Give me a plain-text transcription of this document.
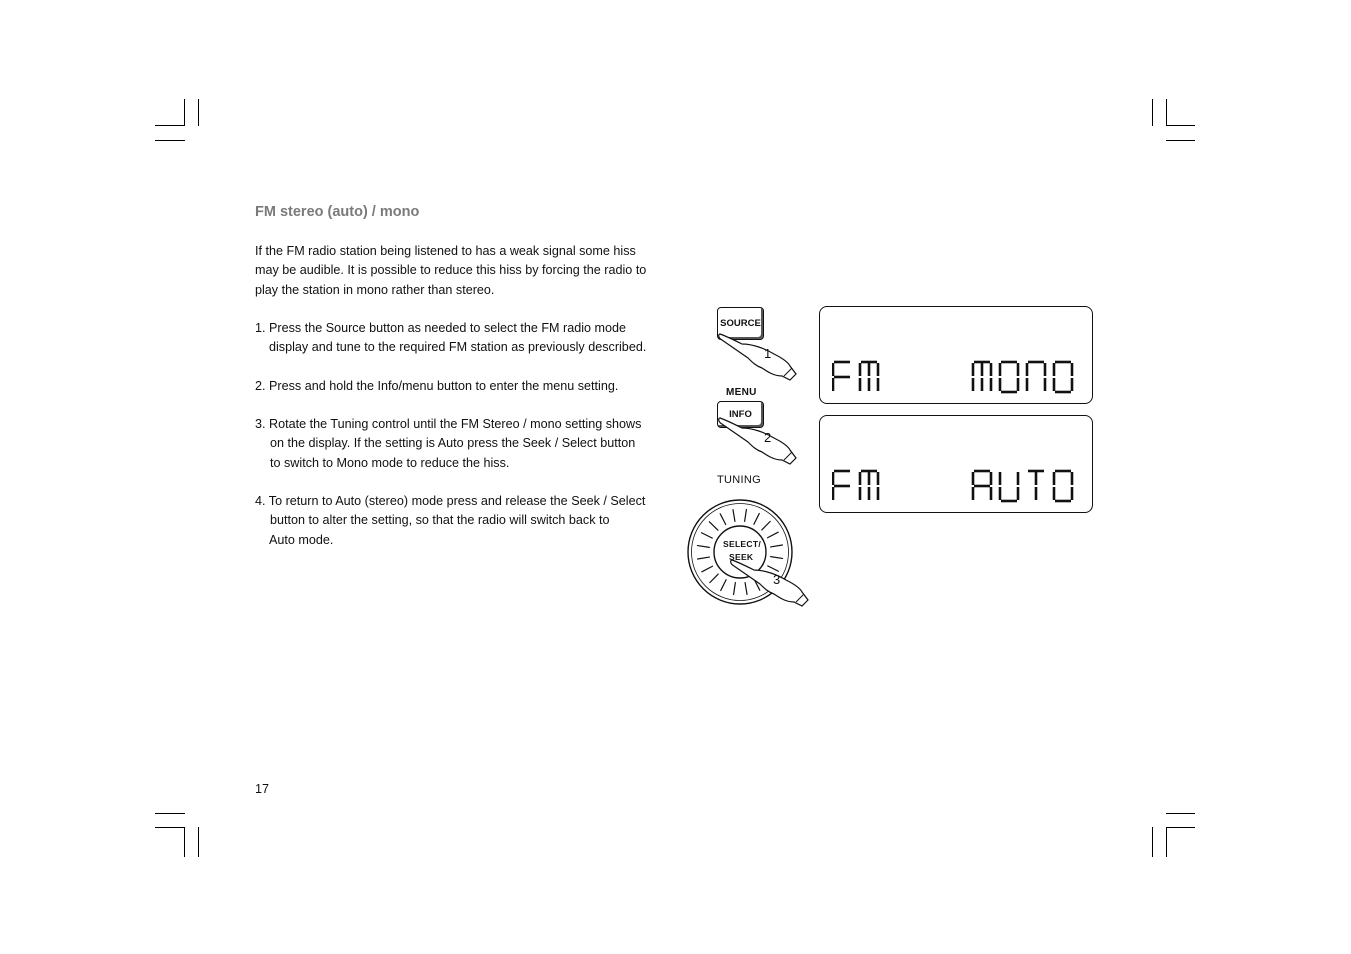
FM stereo (auto) / mono
If the FM radio station being listened to has a weak signal some hiss
may be audible. It is possible to reduce this hiss by forcing the radio to
play the station in mono rather than stereo.
1. Press the Source button as needed to select the FM radio mode
display and tune to the required FM station as previously described.
2. Press and hold the Info/menu button to enter the menu setting.
3. Rotate the Tuning control until the FM Stereo / mono setting shows
on the display. If the setting is Auto press the Seek / Select button
to switch to Mono mode to reduce the hiss.
4. To return to Auto (stereo) mode press and release the Seek / Select
button to alter the setting, so that the radio will switch back to
Auto mode.
17
SOURCE
MENU
INFO
TUNING
SELECT/
SEEK
1
2
3
